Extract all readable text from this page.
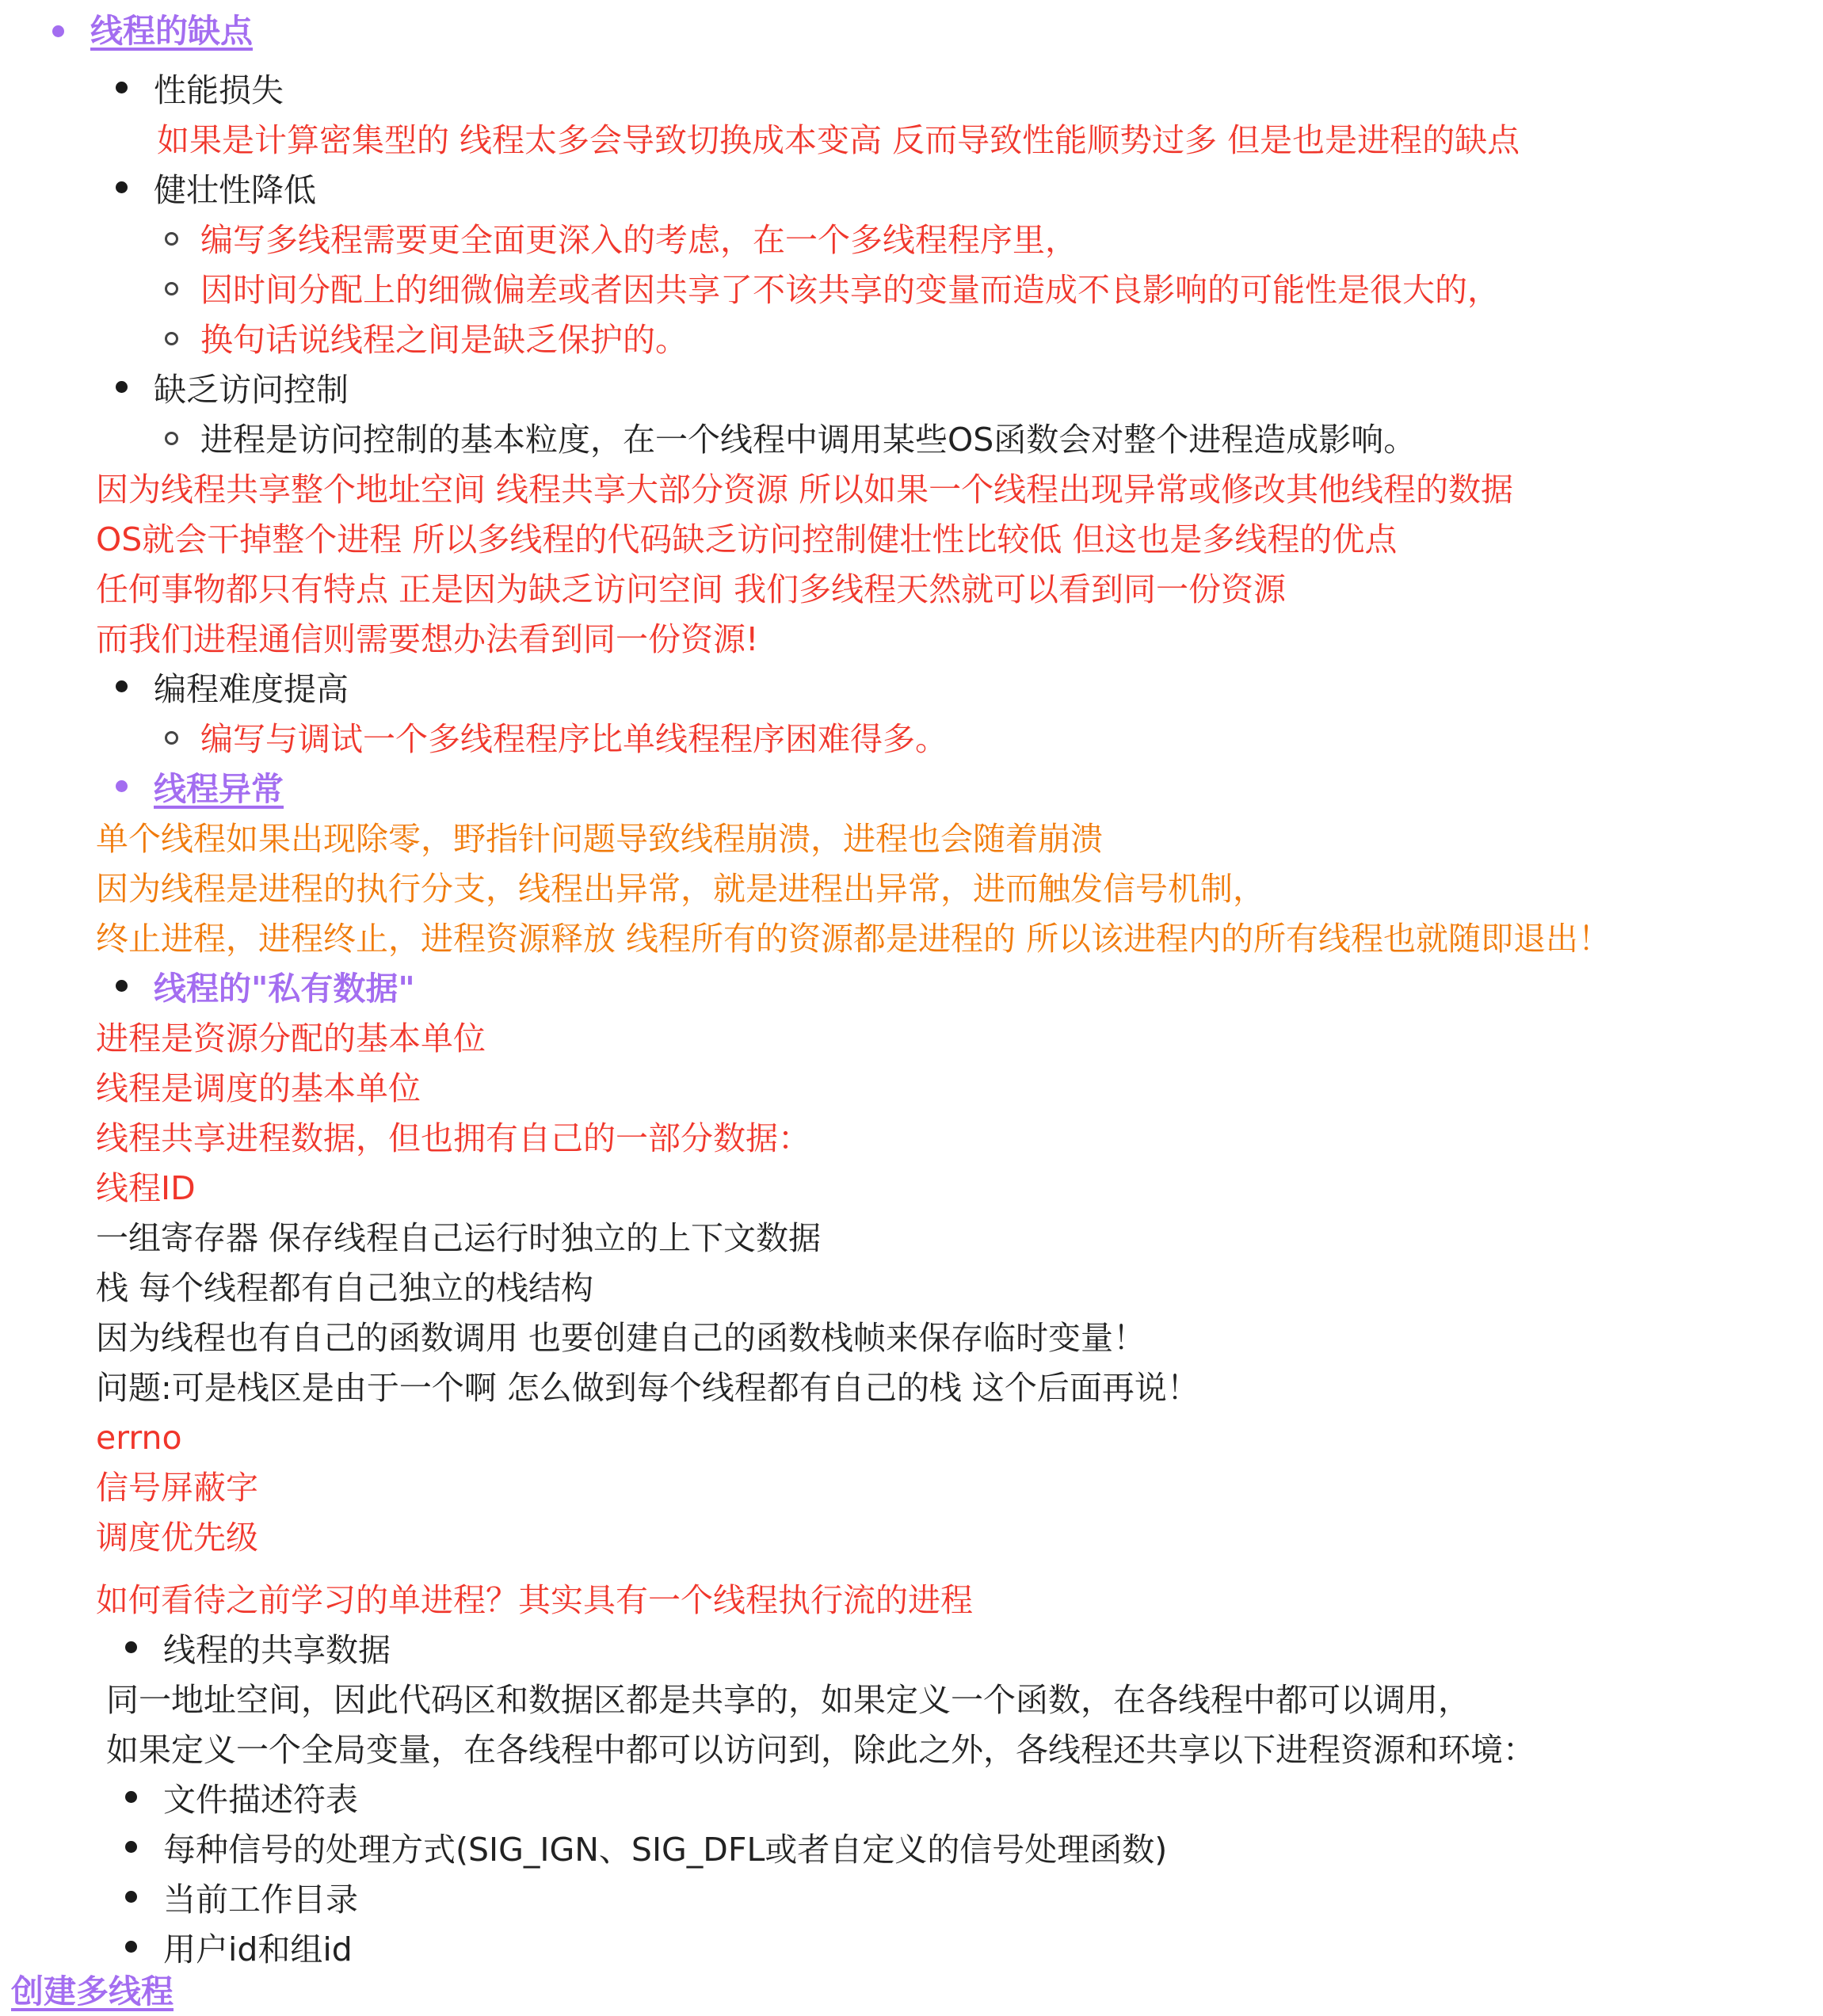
线程的缺点
性能损失
如果是计算密集型的 线程太多会导致切换成本变高 反而导致性能顺势过多 但是也是进程的缺点
健壮性降低
编写多线程需要更全面更深入的考虑，在一个多线程程序里，
因时间分配上的细微偏差或者因共享了不该共享的变量而造成不良影响的可能性是很大的，
换句话说线程之间是缺乏保护的。
缺乏访问控制
进程是访问控制的基本粒度，在一个线程中调用某些OS函数会对整个进程造成影响。
因为线程共享整个地址空间 线程共享大部分资源 所以如果一个线程出现异常或修改其他线程的数据
OS就会干掉整个进程 所以多线程的代码缺乏访问控制健壮性比较低 但这也是多线程的优点
任何事物都只有特点 正是因为缺乏访问空间 我们多线程天然就可以看到同一份资源
而我们进程通信则需要想办法看到同一份资源!
编程难度提高
编写与调试一个多线程程序比单线程程序困难得多。
线程异常
单个线程如果出现除零，野指针问题导致线程崩溃，进程也会随着崩溃
因为线程是进程的执行分支，线程出异常，就是进程出异常，进而触发信号机制，
终止进程，进程终止，进程资源释放 线程所有的资源都是进程的 所以该进程内的所有线程也就随即退出！
线程的"私有数据"
进程是资源分配的基本单位
线程是调度的基本单位
线程共享进程数据，但也拥有自己的一部分数据：
线程ID
一组寄存器 保存线程自己运行时独立的上下文数据
栈 每个线程都有自己独立的栈结构
因为线程也有自己的函数调用 也要创建自己的函数栈帧来保存临时变量！
问题:可是栈区是由于一个啊 怎么做到每个线程都有自己的栈 这个后面再说！
errno
信号屏蔽字
调度优先级
如何看待之前学习的单进程？其实具有一个线程执行流的进程
线程的共享数据
同一地址空间，因此代码区和数据区都是共享的，如果定义一个函数，在各线程中都可以调用，
如果定义一个全局变量，在各线程中都可以访问到，除此之外，各线程还共享以下进程资源和环境：
文件描述符表
每种信号的处理方式(SIG_IGN、SIG_DFL或者自定义的信号处理函数)
当前工作目录
用户id和组id
创建多线程
